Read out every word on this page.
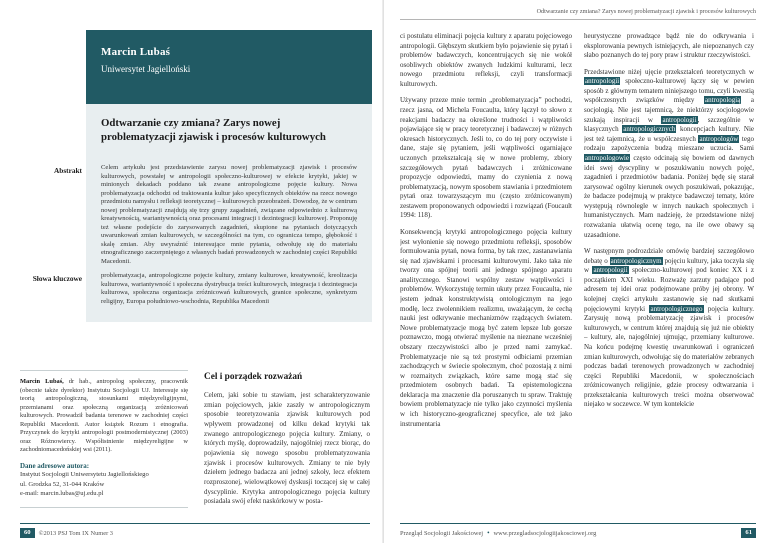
Marcin Lubaś
Uniwersytet Jagielloński
Odtwarzanie czy zmiana? Zarys nowej problematyzacji zjawisk i procesów kulturowych
Abstrakt	Celem artykułu jest przedstawienie zarysu nowej problematyzacji zjawisk i procesów kulturowych, powstałej w antropologii społeczno-kulturowej w efekcie krytyki, jakiej w minionych dekadach poddano tak zwane antropologiczne pojęcie kultury. Nowa problematyzacja odchodzi od traktowania kultur jako specyficznych obiektów na rzecz nowego przedmiotu namysłu i refleksji teoretycznej – kulturowych przeobrażeń. Dowodzę, że w centrum nowej problematyzacji znajdują się trzy grupy zagadnień, związane odpowiednio z kulturową kreatywnością, wariantywnością oraz procesami integracji i dezintegracji kulturowej. Proponuję też własne podejście do zarysowanych zagadnień, skupione na pytaniach dotyczących uwarunkowań zmian kulturowych, w szczególności na tym, co ogranicza tempo, głębokość i skalę zmian. Aby uwyraźnić interesujące mnie pytania, odwołuję się do materiału etnograficznego zaczerpniętego z własnych badań prowadzonych w zachodniej części Republiki Macedonii.

Słowa kluczowe	problematyzacja, antropologiczne pojęcie kultury, zmiany kulturowe, kreatywność, kreolizacja kulturowa, wariantywność i społeczna dystrybucja treści kulturowych, integracja i dezintegracja kulturowa, społeczna organizacja zróżnicowań kulturowych, granice społeczne, synkretyzm religijny, Europa południowo-wschodnia, Republika Macedonii

Marcin Lubaś, dr hab., antropolog społeczny, pracownik (obecnie także dyrektor) Instytutu Socjologii UJ. Interesuje się teorią antropologiczną, stosunkami międzyreligijnymi, przemianami oraz społeczną organizacją zróżnicowań kulturowych. Prowadził badania terenowe w zachodniej części Republiki Macedonii. Autor książek Rozum i etnografia. Przyczynek do krytyki antropologii postmodernistycznej (2003) oraz Różnowiercy. Współistnienie międzyreligijne w zachodniomacedońskiej wsi (2011).

Dane adresowe autora:
Instytut Socjologii Uniwersytetu Jagiellońskiego
ul. Grodzka 52, 31-044 Kraków
e-mail: marcin.lubas@uj.edu.pl
Cel i porządek rozważań

Celem, jaki sobie tu stawiam, jest scharakteryzowanie zmian pojęciowych, jakie zaszły w antropologicznym sposobie teoretyzowania zjawisk kulturowych pod wpływem prowadzonej od kilku dekad krytyki tak zwanego antropologicznego pojęcia kultury. Zmiany, o których myślę, doprowadziły, najogólniej rzecz biorąc, do pojawienia się nowego sposobu problematyzowania zjawisk i procesów kulturowych. Zmiany te nie były dziełem jednego badacza ani jednej szkoły, lecz efektem rozproszonej, wielowątkowej dyskusji toczącej się w całej dyscyplinie. Krytyka antropologicznego pojęcia kultury posiadała swój efekt naskórkowy w posta-

60	©2013 PSJ Tom IX Numer 3
Odtwarzanie czy zmiana? Zarys nowej problematyzacji zjawisk i procesów kulturowych

ci postulatu eliminacji pojęcia kultury z aparatu pojęciowego antropologii. Głębszym skutkiem było pojawienie się pytań i problemów badawczych, koncentrujących się nie wokół osobliwych obiektów zwanych ludzkimi kulturami, lecz nowego przedmiotu refleksji, czyli transformacji kulturowych.

Używany przeze mnie termin „problematyzacja” pochodzi, rzecz jasna, od Michela Foucaulta, który łączył to słowo z reakcjami badaczy na określone trudności i wątpliwości pojawiające się w pracy teoretycznej i badawczej w różnych okresach historycznych. Jeśli to, co do tej pory oczywiste i dane, staje się pytaniem, jeśli wątpliwości ogarniające uczonych przekształcają się w nowe problemy, zbiory szczegółowych pytań badawczych i zróżnicowane propozycje odpowiedzi, mamy do czynienia z nową problematyzacją, nowym sposobem stawiania i przedmiotem pytań oraz towarzyszącym mu (często zróżnicowanym) zestawem proponowanych odpowiedzi i rozwiązań (Foucault 1994: 118).

Konsekwencją krytyki antropologicznego pojęcia kultury jest wyłonienie się nowego przedmiotu refleksji, sposobów formułowania pytań, nowa forma, by tak rzec, zastanawiania się nad zjawiskami i procesami kulturowymi. Jako taka nie tworzy ona spójnej teorii ani jednego spójnego aparatu analitycznego. Stanowi wspólny zestaw wątpliwości i problemów. Wykorzystuję termin ukuty przez Foucaulta, nie jestem jednak konstruktywistą ontologicznym na jego modłę, lecz zwolennikiem realizmu, uważającym, że cechą nauki jest odkrywanie mechanizmów rządzących światem. Nowe problematyzacje mogą być zatem lepsze lub gorsze poznawczo, mogą otwierać myślenie na nieznane wcześniej obszary rzeczywistości albo je przed nami zamykać. Problematyzacje nie są też prostymi odbiciami przemian zachodzących w świecie społecznym, choć pozostają z nimi w rozmaitych związkach, które same mogą stać się przedmiotem osobnych badań. Ta epistemologiczna deklaracja ma znaczenie dla poruszanych tu spraw. Traktuję bowiem problematyzacje nie tylko jako czynności myślenia w ich historyczno-geograficznej specyfice, ale też jako instrumentaria

heurystyczne prowadzące bądź nie do odkrywania i eksplorowania pewnych istniejących, ale niepoznanych czy słabo poznanych do tej pory praw i struktur rzeczywistości.

Przedstawione niżej ujęcie przekształceń teoretycznych w antropologii społeczno-kulturowej łączy się w pewien sposób z głównym tematem niniejszego tomu, czyli kwestią współczesnych związków między antropologią a socjologią. Nie jest tajemnicą, że niektórzy socjologowie szukają inspiracji w antropologii, szczególnie w klasycznych antropologicznych koncepcjach kultury. Nie jest też tajemnicą, że u współczesnych antropologów tego rodzaju zapożyczenia budzą mieszane uczucia. Sami antropologowie często odcinają się bowiem od dawnych idei swej dyscypliny w poszukiwaniu nowych pojęć, zagadnień i przedmiotów badania. Poniżej będę się starał zarysować ogólny kierunek owych poszukiwań, pokazując, że badacze podejmują w praktyce badawczej tematy, które występują równolegle w innych naukach społecznych i humanistycznych. Mam nadzieję, że przedstawione niżej rozważania ułatwią ocenę tego, na ile owe obawy są uzasadnione.

W następnym podrozdziale omówię bardziej szczegółowo debatę o antropologicznym pojęciu kultury, jaka toczyła się w antropologii społeczno-kulturowej pod koniec XX i z początkiem XXI wieku. Rozważę zarzuty padające pod adresem tej idei oraz podejmowane próby jej obrony. W kolejnej części artykułu zastanowię się nad skutkami pojęciowymi krytyki antropologicznego pojęcia kultury. Zarysuję nową problematyzację zjawisk i procesów kulturowych, w centrum której znajdują się już nie obiekty – kultury, ale, najogólniej ujmując, przemiany kulturowe. Na końcu podejmę kwestię uwarunkowań i ograniczeń zmian kulturowych, odwołując się do materiałów zebranych podczas badań terenowych prowadzonych w zachodniej części Republiki Macedonii, w społecznościach zróżnicowanych religijnie, gdzie procesy odtwarzania i przekształcania kulturowych treści można obserwować niejako w soczewce. W tym kontekście

Przegląd Socjologii Jakościowej • www.przegladsocjologiijakosciowej.org	61
